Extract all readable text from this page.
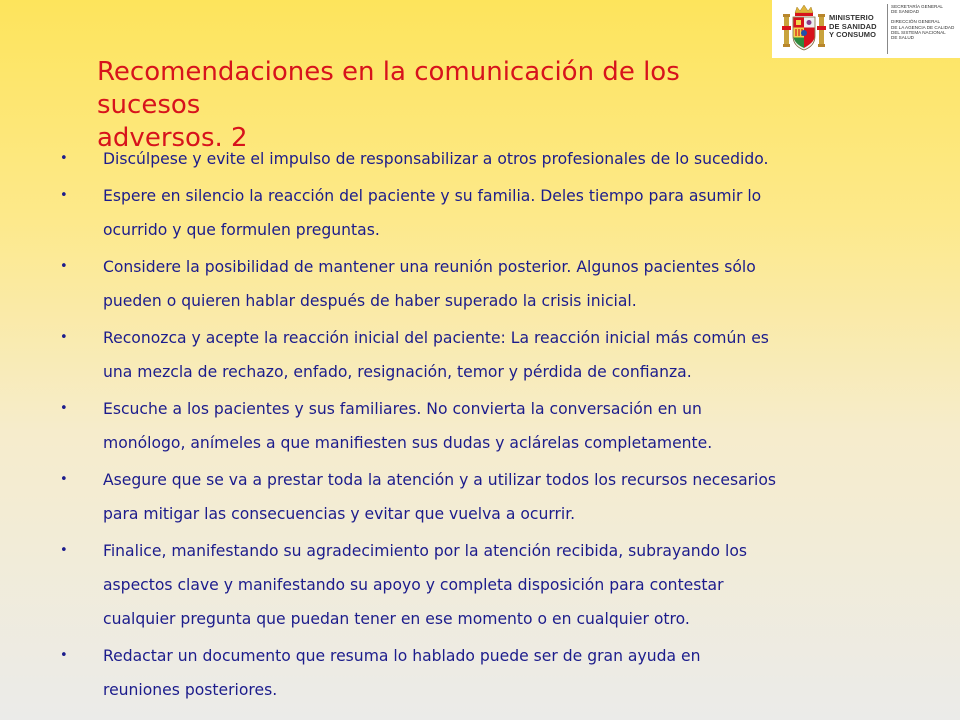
MINISTERIO
DE SANIDAD
Y CONSUMO
SECRETARÍA GENERAL
DE SANIDAD
DIRECCIÓN GENERAL
DE LA AGENCIA DE CALIDAD
DEL SISTEMA NACIONAL
DE SALUD
Recomendaciones en la comunicación de los sucesos
adversos. 2
• Discúlpese y evite el impulso de responsabilizar a otros profesionales de lo sucedido.
• Espere en silencio la reacción del paciente y su familia. Deles tiempo para asumir lo
ocurrido y que formulen preguntas.
• Considere la posibilidad de mantener una reunión posterior. Algunos pacientes sólo
pueden o quieren hablar después de haber superado la crisis inicial.
• Reconozca y acepte la reacción inicial del paciente: La reacción inicial más común es
una mezcla de rechazo, enfado, resignación, temor y pérdida de confianza.
• Escuche a los pacientes y sus familiares. No convierta la conversación en un
monólogo, anímeles a que manifiesten sus dudas y aclárelas completamente.
• Asegure que se va a prestar toda la atención y a utilizar todos los recursos necesarios
para mitigar las consecuencias y evitar que vuelva a ocurrir.
• Finalice, manifestando su agradecimiento por la atención recibida, subrayando los
aspectos clave y manifestando su apoyo y completa disposición para contestar
cualquier pregunta que puedan tener en ese momento o en cualquier otro.
• Redactar un documento que resuma lo hablado puede ser de gran ayuda en
reuniones posteriores.
